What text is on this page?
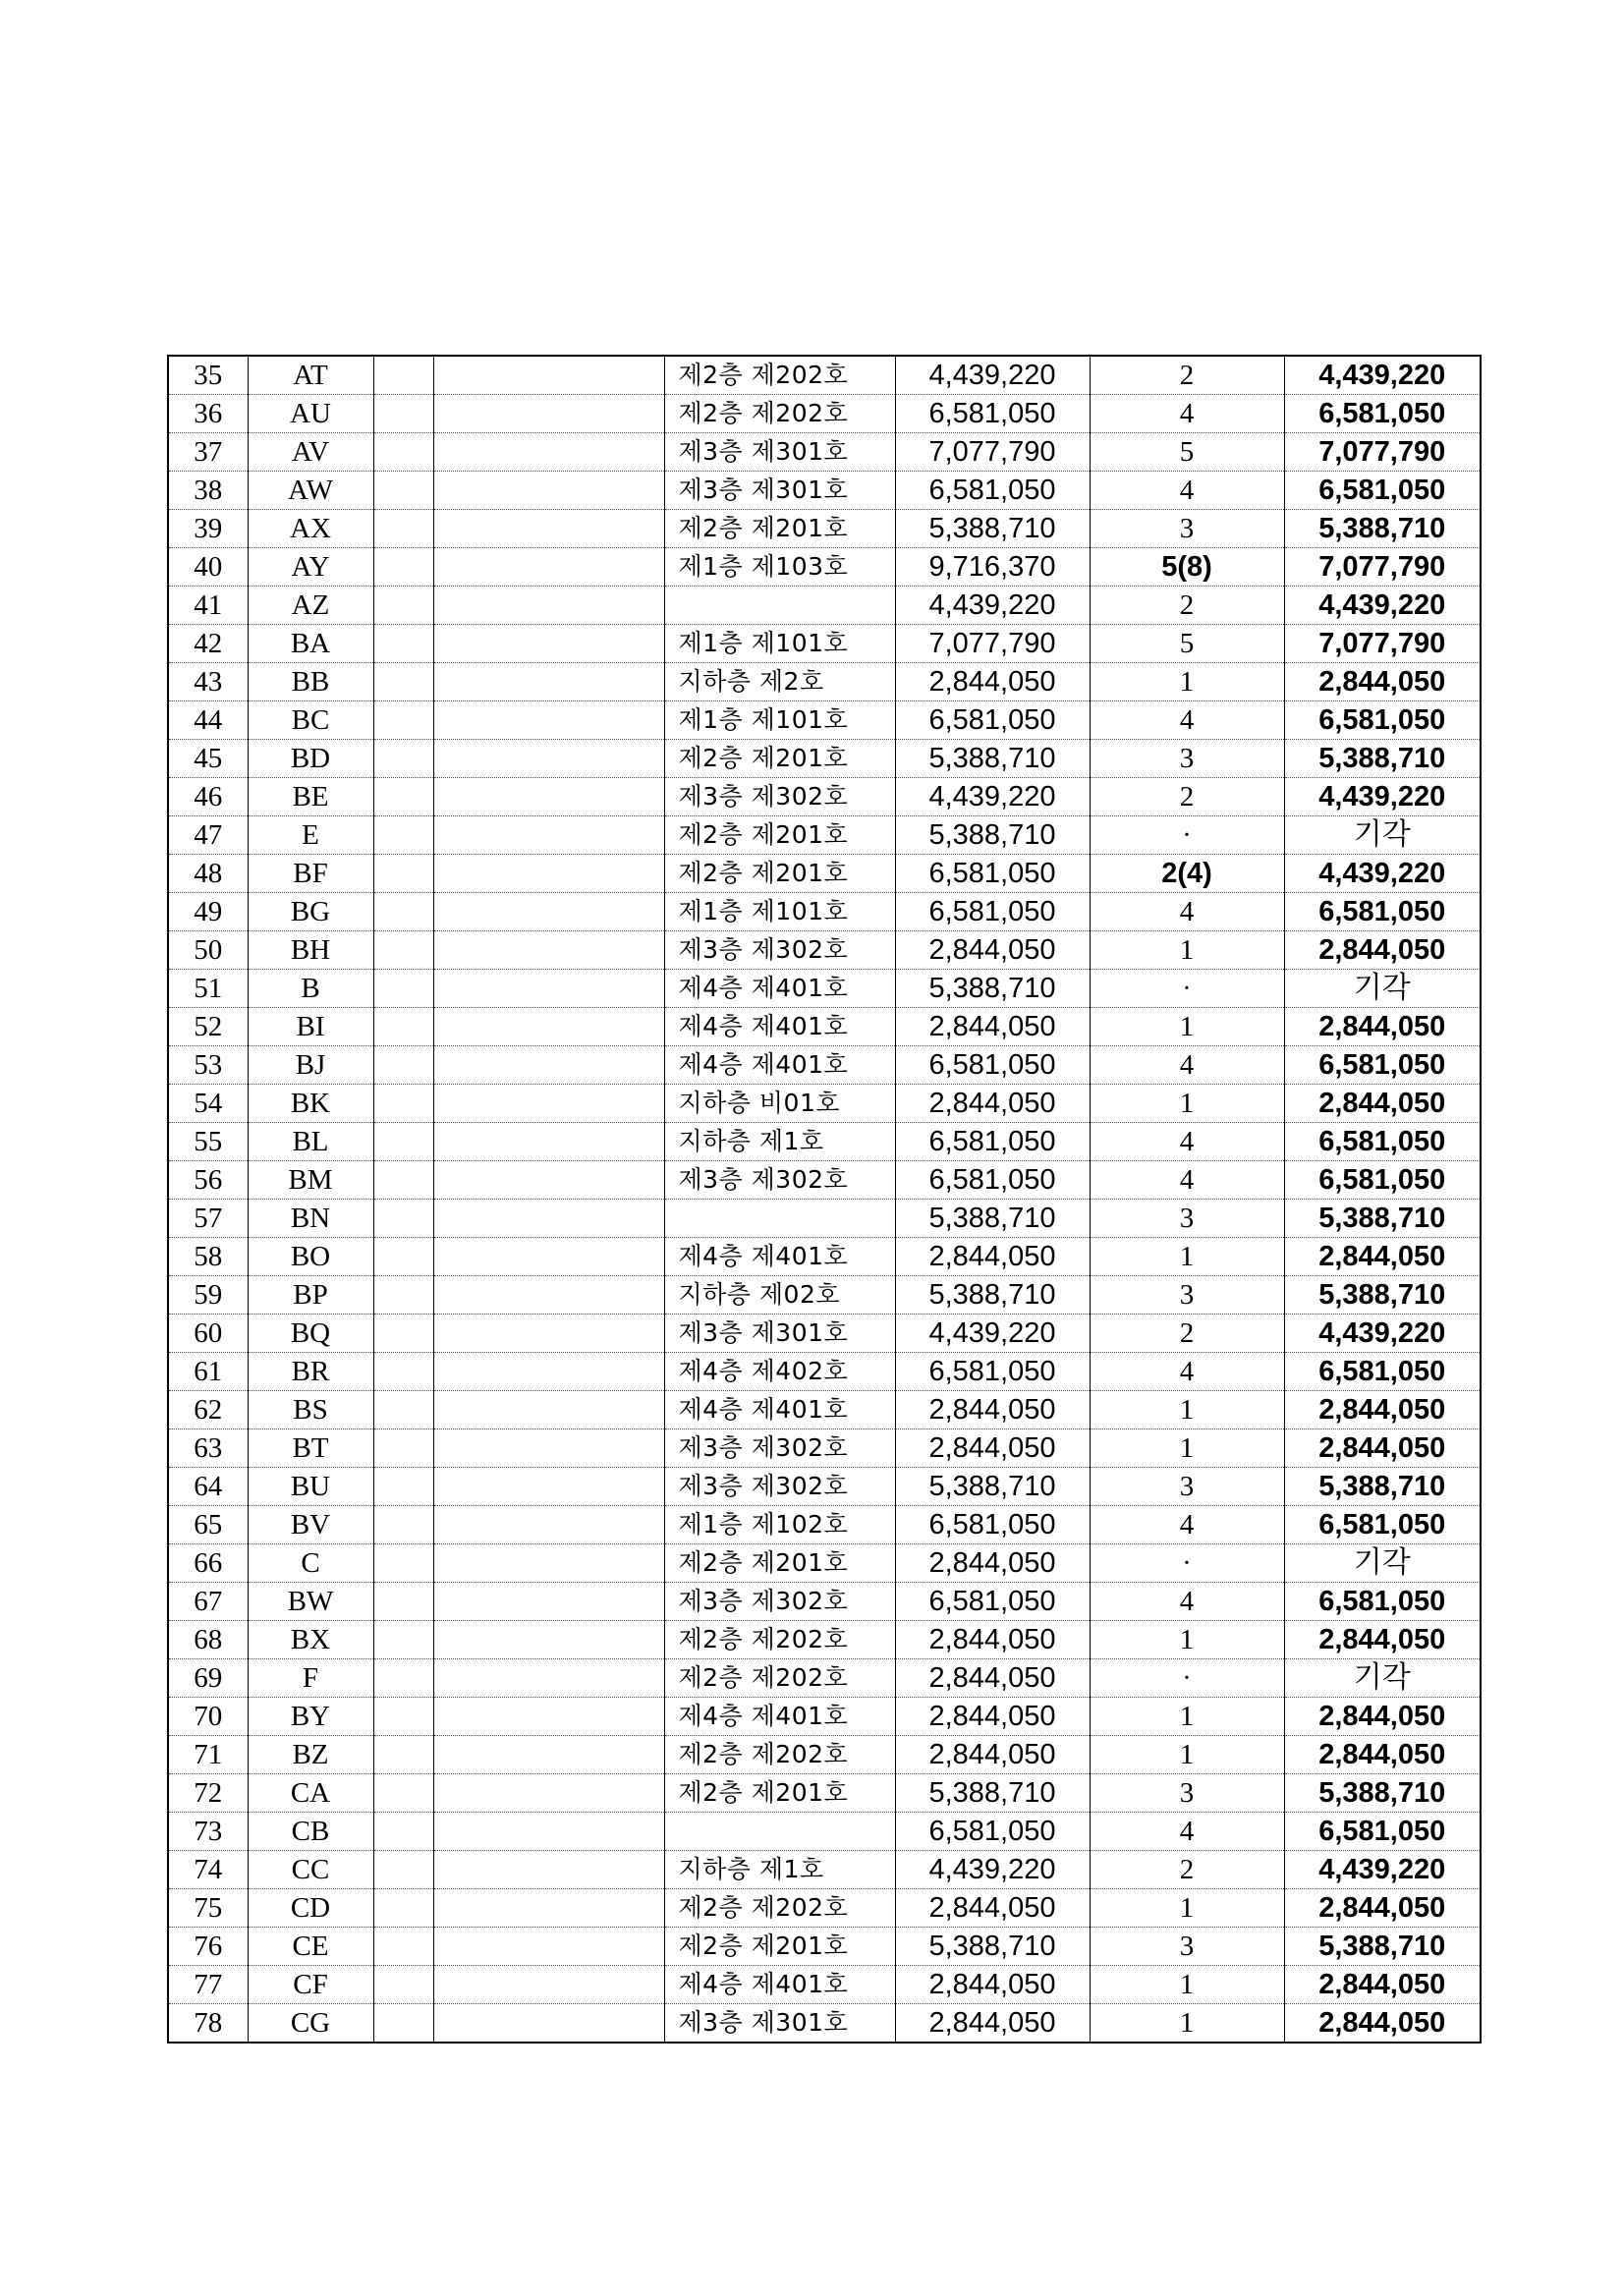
35	AT			제2층 제202호	4,439,220	2	4,439,220
36	AU			제2층 제202호	6,581,050	4	6,581,050
37	AV			제3층 제301호	7,077,790	5	7,077,790
38	AW			제3층 제301호	6,581,050	4	6,581,050
39	AX			제2층 제201호	5,388,710	3	5,388,710
40	AY			제1층 제103호	9,716,370	5(8)	7,077,790
41	AZ				4,439,220	2	4,439,220
42	BA			제1층 제101호	7,077,790	5	7,077,790
43	BB			지하층 제2호	2,844,050	1	2,844,050
44	BC			제1층 제101호	6,581,050	4	6,581,050
45	BD			제2층 제201호	5,388,710	3	5,388,710
46	BE			제3층 제302호	4,439,220	2	4,439,220
47	E			제2층 제201호	5,388,710	·	기각
48	BF			제2층 제201호	6,581,050	2(4)	4,439,220
49	BG			제1층 제101호	6,581,050	4	6,581,050
50	BH			제3층 제302호	2,844,050	1	2,844,050
51	B			제4층 제401호	5,388,710	·	기각
52	BI			제4층 제401호	2,844,050	1	2,844,050
53	BJ			제4층 제401호	6,581,050	4	6,581,050
54	BK			지하층 비01호	2,844,050	1	2,844,050
55	BL			지하층 제1호	6,581,050	4	6,581,050
56	BM			제3층 제302호	6,581,050	4	6,581,050
57	BN				5,388,710	3	5,388,710
58	BO			제4층 제401호	2,844,050	1	2,844,050
59	BP			지하층 제02호	5,388,710	3	5,388,710
60	BQ			제3층 제301호	4,439,220	2	4,439,220
61	BR			제4층 제402호	6,581,050	4	6,581,050
62	BS			제4층 제401호	2,844,050	1	2,844,050
63	BT			제3층 제302호	2,844,050	1	2,844,050
64	BU			제3층 제302호	5,388,710	3	5,388,710
65	BV			제1층 제102호	6,581,050	4	6,581,050
66	C			제2층 제201호	2,844,050	·	기각
67	BW			제3층 제302호	6,581,050	4	6,581,050
68	BX			제2층 제202호	2,844,050	1	2,844,050
69	F			제2층 제202호	2,844,050	·	기각
70	BY			제4층 제401호	2,844,050	1	2,844,050
71	BZ			제2층 제202호	2,844,050	1	2,844,050
72	CA			제2층 제201호	5,388,710	3	5,388,710
73	CB				6,581,050	4	6,581,050
74	CC			지하층 제1호	4,439,220	2	4,439,220
75	CD			제2층 제202호	2,844,050	1	2,844,050
76	CE			제2층 제201호	5,388,710	3	5,388,710
77	CF			제4층 제401호	2,844,050	1	2,844,050
78	CG			제3층 제301호	2,844,050	1	2,844,050
